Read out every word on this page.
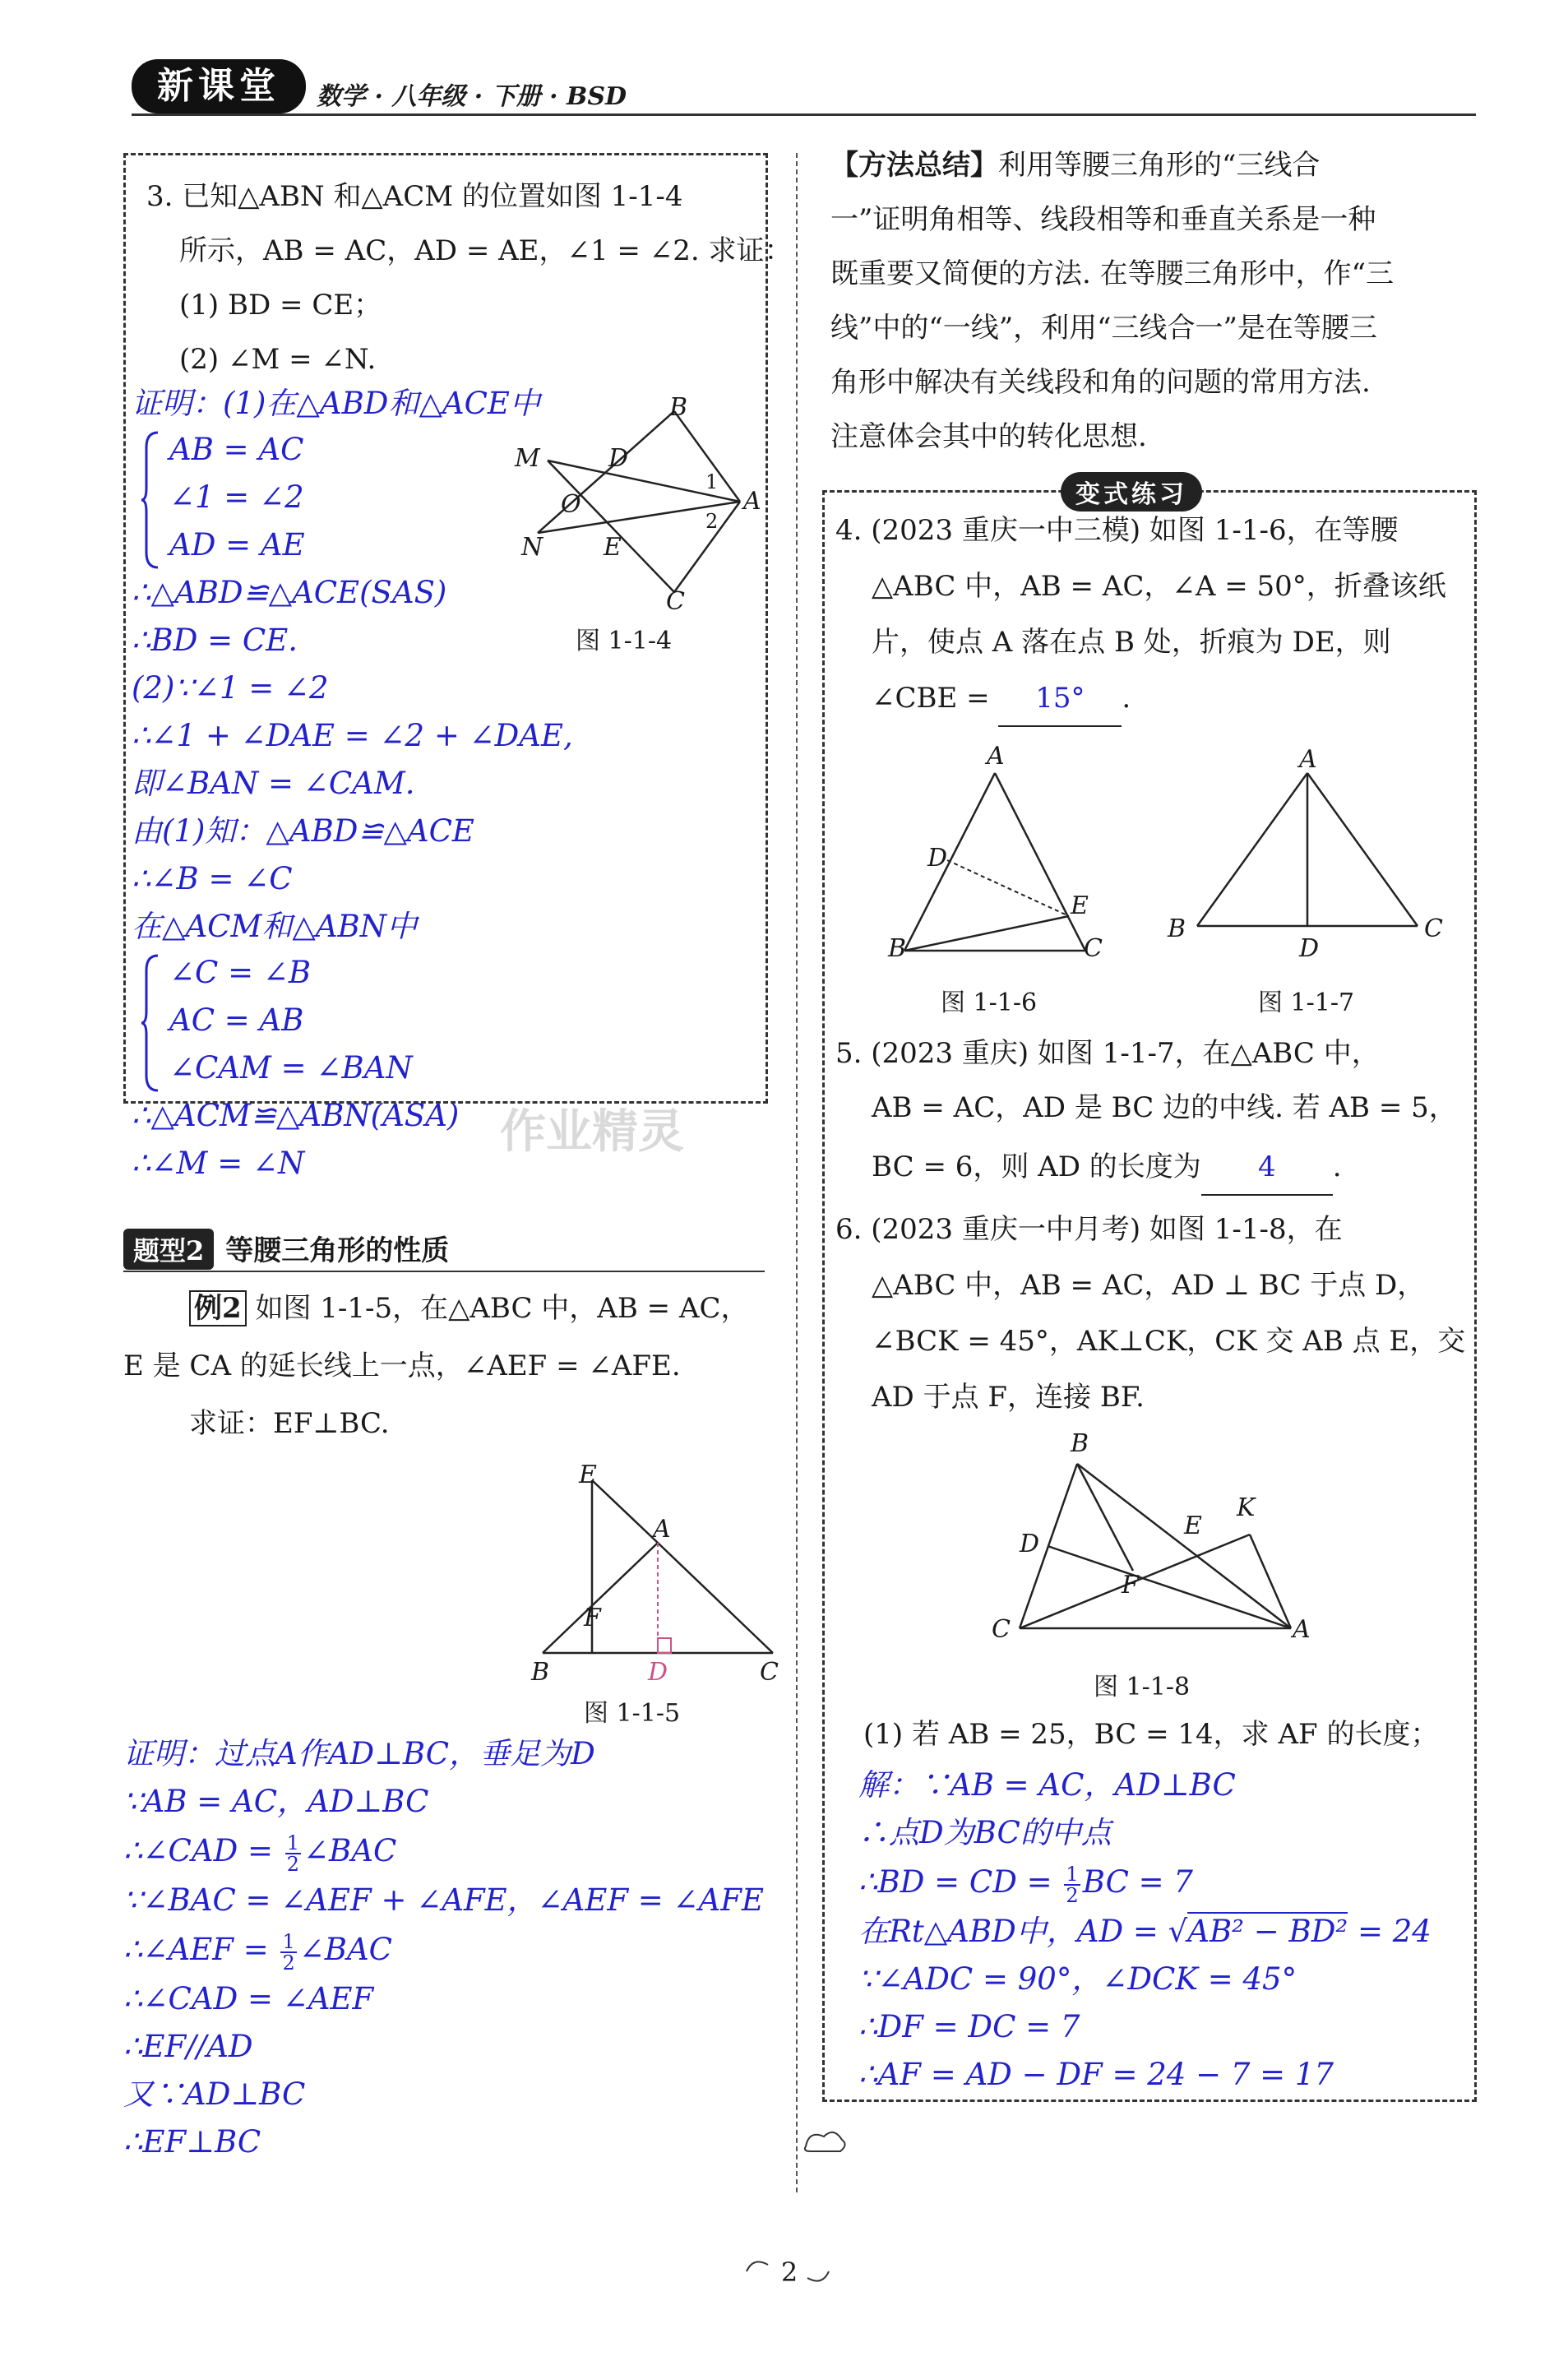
新课堂	数学 · 八年级 · 下册 · BSD
3. 已知△ABN 和△ACM 的位置如图 1-1-4
所示，AB = AC，AD = AE，∠1 = ∠2. 求证：
(1) BD = CE；
(2) ∠M = ∠N.
证明：(1)在△ABD和△ACE中
AB = AC
∠1 = ∠2
AD = AE
∴△ABD≌△ACE(SAS)
∴BD = CE.
(2)∵∠1 = ∠2
∴∠1 + ∠DAE = ∠2 + ∠DAE,
即∠BAN = ∠CAM.
由(1)知：△ABD≌△ACE
∴∠B = ∠C
在△ACM和△ABN中
∠C = ∠B
AC = AB
∠CAM = ∠BAN
∴△ACM≌△ABN(ASA)
∴∠M = ∠N
作业精灵
B
M	D
O
N E
C
A
1
2
图 1-1-4
题型2 等腰三角形的性质
例2 如图 1-1-5，在△ABC 中，AB = AC，
E 是 CA 的延长线上一点，∠AEF = ∠AFE.
求证：EF⊥BC.
E
A
F
B	D	C
图 1-1-5
证明：过点A作AD⊥BC，垂足为D
∵AB = AC，AD⊥BC
∴∠CAD = $\frac{1}{2}$ ∠BAC
∵∠BAC = ∠AEF + ∠AFE，∠AEF = ∠AFE
∴∠AEF = $\frac{1}{2}$ ∠BAC
∴∠CAD = ∠AEF
∴EF//AD
又∵AD⊥BC
∴EF⊥BC
【方法总结】利用等腰三角形的“三线合
一”证明角相等、线段相等和垂直关系是一种
既重要又简便的方法. 在等腰三角形中，作“三
线”中的“一线”，利用“三线合一”是在等腰三
角形中解决有关线段和角的问题的常用方法.
注意体会其中的转化思想.
变式练习
4. (2023 重庆一中三模) 如图 1-1-6，在等腰
△ABC 中，AB = AC，∠A = 50°，折叠该纸
片，使点 A 落在点 B 处，折痕为 DE，则
∠CBE = 15° .
A
D
E
B	C
图 1-1-6
A
B
D
C
图 1-1-7
5. (2023 重庆) 如图 1-1-7，在△ABC 中，
AB = AC，AD 是 BC 边的中线. 若 AB = 5，
BC = 6，则 AD 的长度为 4 .
6. (2023 重庆一中月考) 如图 1-1-8，在
△ABC 中，AB = AC，AD ⊥ BC 于点 D，
∠BCK = 45°，AK⊥CK，CK 交 AB 点 E，交
AD 于点 F，连接 BF.
B
K
E
D
F
C	A
图 1-1-8
(1) 若 AB = 25，BC = 14，求 AF 的长度；
解：∵AB = AC，AD⊥BC
∴点D为BC的中点
∴BD = CD = $\frac{1}{2}$ BC = 7
在Rt△ABD中，AD = √AB² − BD² = 24
∵∠ADC = 90°，∠DCK = 45°
∴DF = DC = 7
∴AF = AD − DF = 24 − 7 = 17
2
